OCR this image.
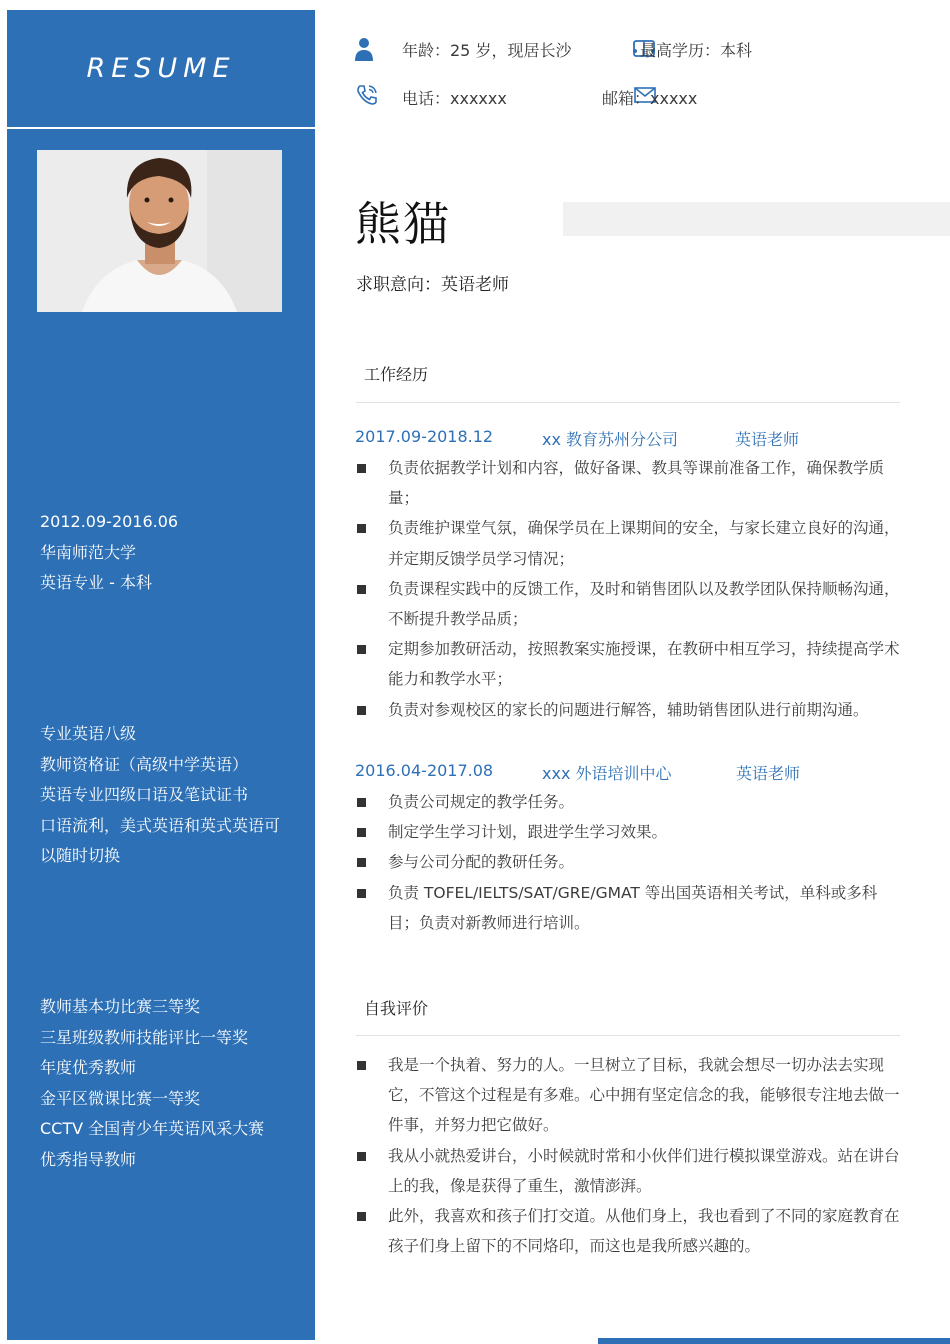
RESUME
2012.09-2016.06
华南师范大学
英语专业 - 本科
专业英语八级
教师资格证（高级中学英语）
英语专业四级口语及笔试证书
口语流利，美式英语和英式英语可以随时切换
教师基本功比赛三等奖
三星班级教师技能评比一等奖
年度优秀教师
金平区微课比赛一等奖
CCTV 全国青少年英语风采大赛优秀指导教师
年龄：25 岁，现居长沙	最高学历：本科
电话：xxxxxx	邮箱：xxxxx
熊猫
求职意向：英语老师
工作经历
2017.09-2018.12	xx 教育苏州分公司	英语老师
负责依据教学计划和内容，做好备课、教具等课前准备工作，确保教学质量；
负责维护课堂气氛，确保学员在上课期间的安全，与家长建立良好的沟通，并定期反馈学员学习情况；
负责课程实践中的反馈工作，及时和销售团队以及教学团队保持顺畅沟通，不断提升教学品质；
定期参加教研活动，按照教案实施授课，在教研中相互学习，持续提高学术能力和教学水平；
负责对参观校区的家长的问题进行解答，辅助销售团队进行前期沟通。
2016.04-2017.08	xxx 外语培训中心	英语老师
负责公司规定的教学任务。
制定学生学习计划，跟进学生学习效果。
参与公司分配的教研任务。
负责 TOFEL/IELTS/SAT/GRE/GMAT 等出国英语相关考试，单科或多科目；负责对新教师进行培训。
自我评价
我是一个执着、努力的人。一旦树立了目标，我就会想尽一切办法去实现它，不管这个过程是有多难。心中拥有坚定信念的我，能够很专注地去做一件事，并努力把它做好。
我从小就热爱讲台，小时候就时常和小伙伴们进行模拟课堂游戏。站在讲台上的我，像是获得了重生，激情澎湃。
此外，我喜欢和孩子们打交道。从他们身上，我也看到了不同的家庭教育在孩子们身上留下的不同烙印，而这也是我所感兴趣的。
